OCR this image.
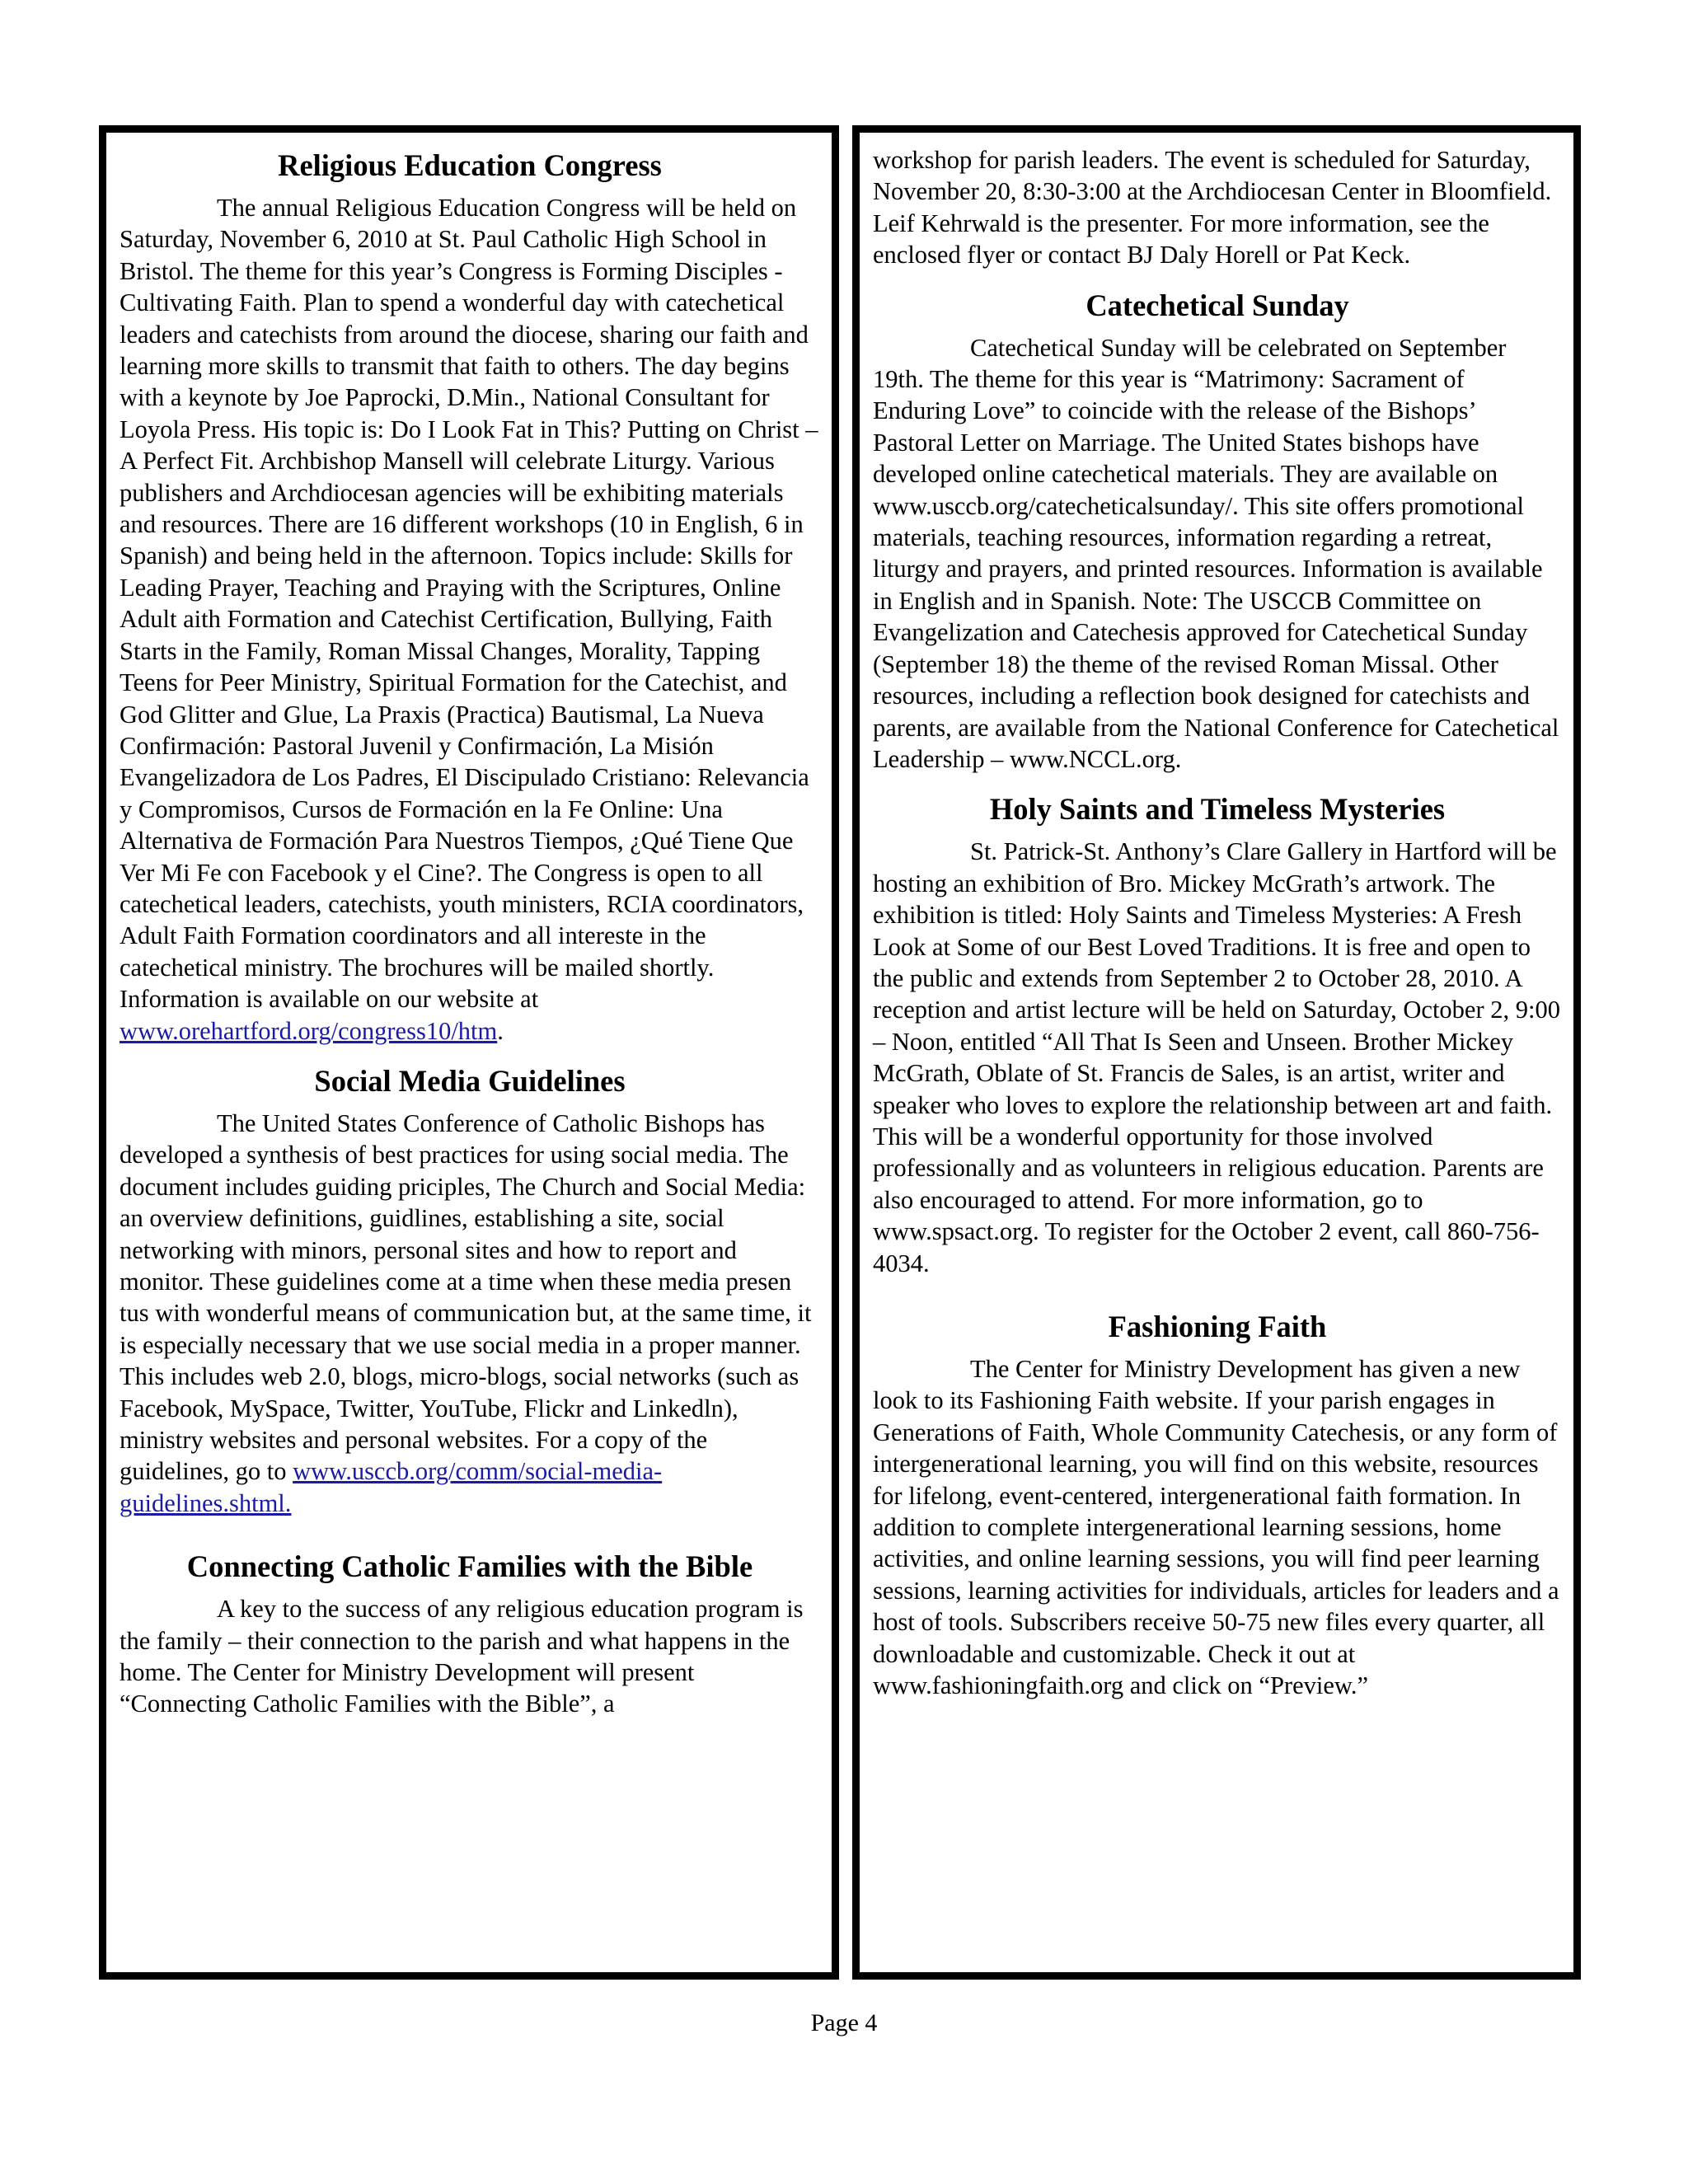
Religious Education Congress

The annual Religious Education Congress will be held on Saturday, November 6, 2010 at St. Paul Catholic High School in Bristol. The theme for this year’s Congress is Forming Disciples - Cultivating Faith. Plan to spend a wonderful day with catechetical leaders and catechists from around the diocese, sharing our faith and learning more skills to transmit that faith to others. The day begins with a keynote by Joe Paprocki, D.Min., National Consultant for Loyola Press. His topic is: Do I Look Fat in This? Putting on Christ – A Perfect Fit. Archbishop Mansell will celebrate Liturgy. Various publishers and Archdiocesan agencies will be exhibiting materials and resources. There are 16 different workshops (10 in English, 6 in Spanish) and being held in the afternoon. Topics include: Skills for Leading Prayer, Teaching and Praying with the Scriptures, Online Adult aith Formation and Catechist Certification, Bullying, Faith Starts in the Family, Roman Missal Changes, Morality, Tapping Teens for Peer Ministry, Spiritual Formation for the Catechist, and God Glitter and Glue, La Praxis (Practica) Bautismal, La Nueva Confirmación: Pastoral Juvenil y Confirmación, La Misión Evangelizadora de Los Padres, El Discipulado Cristiano: Relevancia y Compromisos, Cursos de Formación en la Fe Online: Una Alternativa de Formación Para Nuestros Tiempos, ¿Qué Tiene Que Ver Mi Fe con Facebook y el Cine?. The Congress is open to all catechetical leaders, catechists, youth ministers, RCIA coordinators, Adult Faith Formation coordinators and all intereste in the catechetical ministry. The brochures will be mailed shortly. Information is available on our website at www.orehartford.org/congress10/htm.

Social Media Guidelines

The United States Conference of Catholic Bishops has developed a synthesis of best practices for using social media. The document includes guiding priciples, The Church and Social Media: an overview definitions, guidlines, establishing a site, social networking with minors, personal sites and how to report and monitor. These guidelines come at a time when these media presen tus with wonderful means of communication but, at the same time, it is especially necessary that we use social media in a proper manner. This includes web 2.0, blogs, micro-blogs, social networks (such as Facebook, MySpace, Twitter, YouTube, Flickr and Linkedln), ministry websites and personal websites. For a copy of the guidelines, go to www.usccb.org/comm/social-media-guidelines.shtml.

Connecting Catholic Families with the Bible

A key to the success of any religious education program is the family – their connection to the parish and what happens in the home. The Center for Ministry Development will present “Connecting Catholic Families with the Bible”, a

workshop for parish leaders. The event is scheduled for Saturday, November 20, 8:30-3:00 at the Archdiocesan Center in Bloomfield. Leif Kehrwald is the presenter. For more information, see the enclosed flyer or contact BJ Daly Horell or Pat Keck.

Catechetical Sunday

Catechetical Sunday will be celebrated on September 19th. The theme for this year is “Matrimony: Sacrament of Enduring Love” to coincide with the release of the Bishops’ Pastoral Letter on Marriage. The United States bishops have developed online catechetical materials. They are available on www.usccb.org/catecheticalsunday/. This site offers promotional materials, teaching resources, information regarding a retreat, liturgy and prayers, and printed resources. Information is available in English and in Spanish. Note: The USCCB Committee on Evangelization and Catechesis approved for Catechetical Sunday (September 18) the theme of the revised Roman Missal. Other resources, including a reflection book designed for catechists and parents, are available from the National Conference for Catechetical Leadership – www.NCCL.org.

Holy Saints and Timeless Mysteries

St. Patrick-St. Anthony’s Clare Gallery in Hartford will be hosting an exhibition of Bro. Mickey McGrath’s artwork. The exhibition is titled: Holy Saints and Timeless Mysteries: A Fresh Look at Some of our Best Loved Traditions. It is free and open to the public and extends from September 2 to October 28, 2010. A reception and artist lecture will be held on Saturday, October 2, 9:00 – Noon, entitled “All That Is Seen and Unseen. Brother Mickey McGrath, Oblate of St. Francis de Sales, is an artist, writer and speaker who loves to explore the relationship between art and faith. This will be a wonderful opportunity for those involved professionally and as volunteers in religious education. Parents are also encouraged to attend. For more information, go to www.spsact.org. To register for the October 2 event, call 860-756-4034.

Fashioning Faith

The Center for Ministry Development has given a new look to its Fashioning Faith website. If your parish engages in Generations of Faith, Whole Community Catechesis, or any form of intergenerational learning, you will find on this website, resources for lifelong, event-centered, intergenerational faith formation. In addition to complete intergenerational learning sessions, home activities, and online learning sessions, you will find peer learning sessions, learning activities for individuals, articles for leaders and a host of tools. Subscribers receive 50-75 new files every quarter, all downloadable and customizable. Check it out at www.fashioningfaith.org and click on “Preview.”

Page 4
